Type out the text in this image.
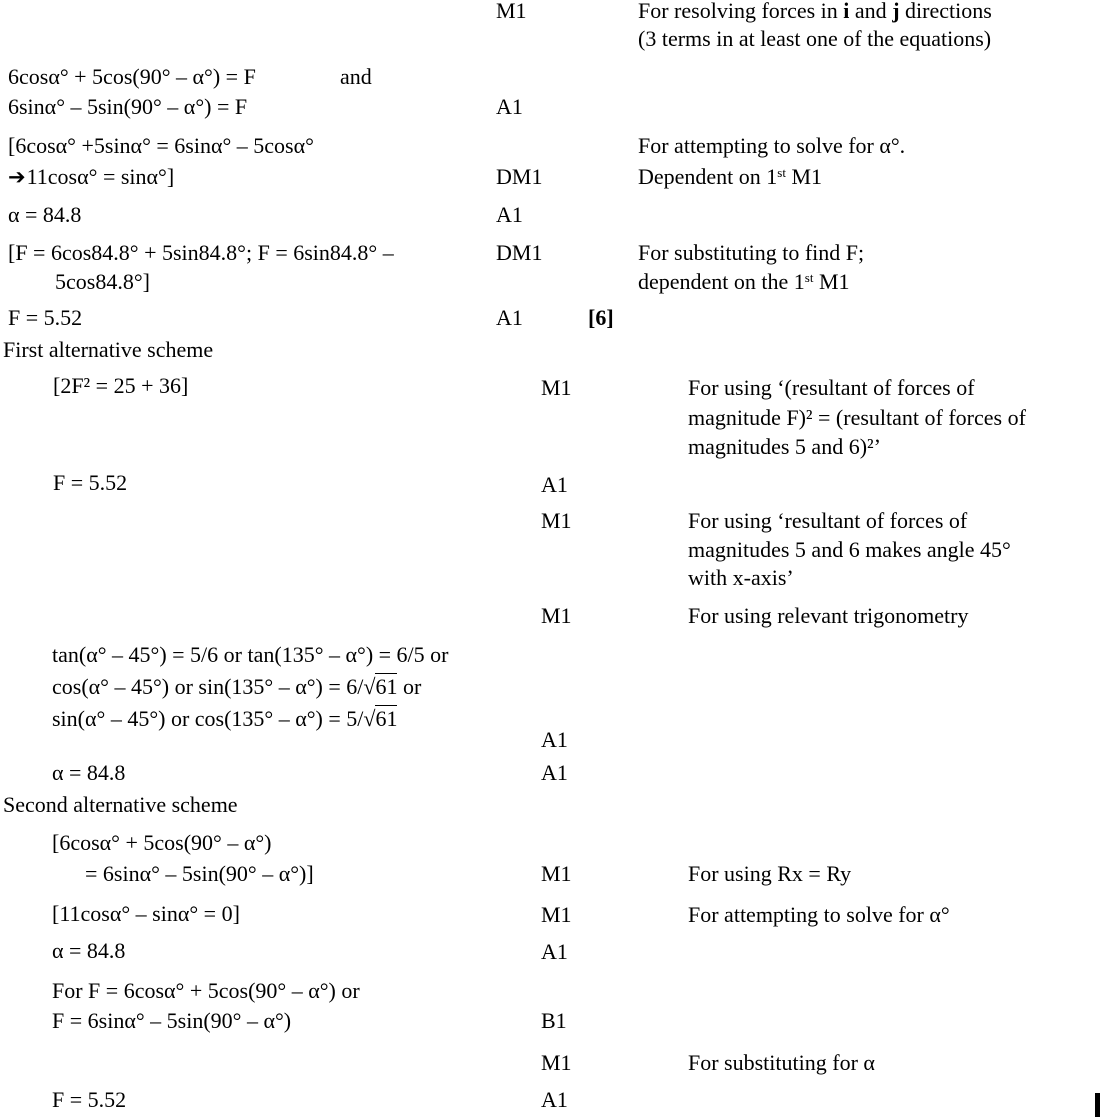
M1	For resolving forces in i and j directions
(3 terms in at least one of the equations)
6cosα° + 5cos(90° – α°) = F	and
6sinα° – 5sin(90° – α°) = F	A1
[6cosα° +5sinα° = 6sinα° – 5cosα°	For attempting to solve for α°.
➔11cosα° = sinα°]	DM1	Dependent on 1st M1
α = 84.8	A1
[F = 6cos84.8° + 5sin84.8°; F = 6sin84.8° –	DM1	For substituting to find F;
5cos84.8°]	dependent on the 1st M1
F = 5.52	A1	[6]
First alternative scheme
[2F² = 25 + 36]	M1	For using ‘(resultant of forces of
magnitude F)² = (resultant of forces of
magnitudes 5 and 6)²’
F = 5.52	A1
M1	For using ‘resultant of forces of
magnitudes 5 and 6 makes angle 45°
with x-axis’
M1	For using relevant trigonometry
tan(α° – 45°) = 5/6 or tan(135° – α°) = 6/5 or
cos(α° – 45°) or sin(135° – α°) = 6/√61 or
sin(α° – 45°) or cos(135° – α°) = 5/√61
A1
α = 84.8	A1
Second alternative scheme
[6cosα° + 5cos(90° – α°)
= 6sinα° – 5sin(90° – α°)]	M1	For using Rx = Ry
[11cosα° – sinα° = 0]	M1	For attempting to solve for α°
α = 84.8	A1
For F = 6cosα° + 5cos(90° – α°) or
F = 6sinα° – 5sin(90° – α°)	B1
M1	For substituting for α
F = 5.52	A1
